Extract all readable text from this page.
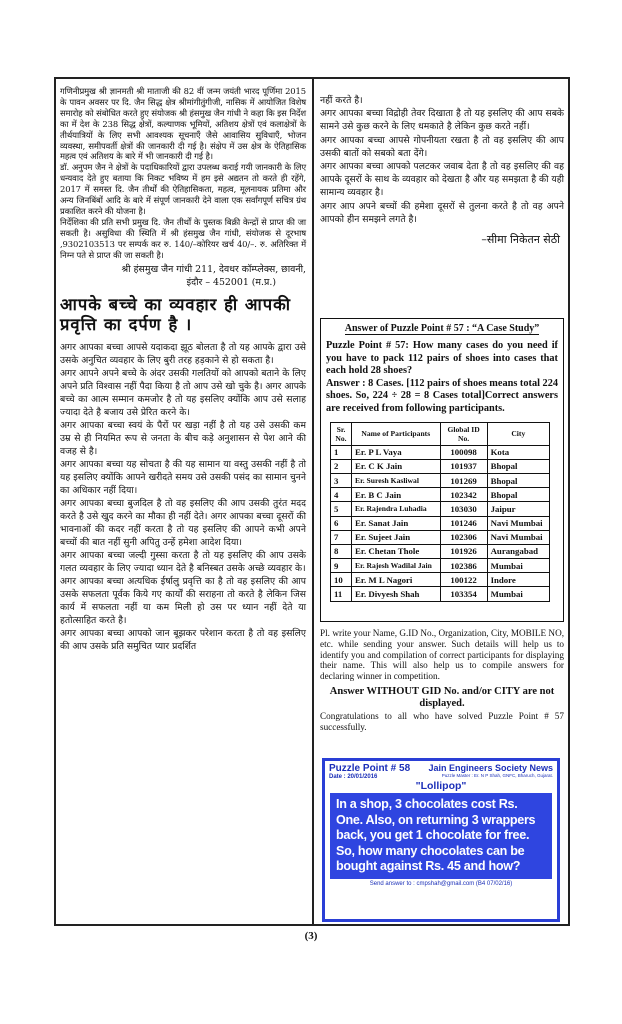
गणिनीप्रमुख श्री ज्ञानमती श्री माताजी की 82 वीं जन्म जयंती भारद पूर्णिमा 2015 के पावन अवसर पर दि. जैन सिद्ध क्षेत्र श्रीमांगीतुंगीजी, नासिक में आयोजित विशेष समारोह को संबोधित करते हुए संयोजक श्री हंसमुख जैन गांधी ने कहा कि इस निर्देश का में देश के 238 सिद्ध क्षेत्रों, कल्याणक भूमियों, अतिशय क्षेत्रों एवं कलाक्षेत्रों के तीर्थयात्रियों के लिए सभी आवश्यक सूचनाएँ जैसे आवासिय सुविधाएँ, भोजन व्यवस्था, समीपवर्ती क्षेत्रों की जानकारी दी गई है। संक्षेप में उस क्षेत्र के ऐतिहासिक महत्व एवं अतिशय के बारे में भी जानकारी दी गई है।

डॉ. अनुपम जैन ने क्षेत्रों के पदाधिकारियों द्वारा उपलब्ध कराई गयी जानकारी के लिए धन्यवाद देते हुए बताया कि निकट भविष्य में हम इसे अद्यतन तो करते ही रहेंगे, 2017 में समस्त दि. जैन तीर्थों की ऐतिहासिकता, महत्व, मूलनायक प्रतिमा और अन्य जिनबिंबों आदि के बारे में संपूर्ण जानकारी देने वाला एक सर्वांगपूर्ण सचित्र ग्रंथ प्रकाशित करने की योजना है।

निर्देशिका की प्रति सभी प्रमुख दि. जैन तीर्थों के पुस्तक बिक्री केन्द्रों से प्राप्त की जा सकती है। असुविधा की स्थिति में श्री हंसमुख जैन गांधी, संयोजक से दूरभाष ,9302103513 पर सम्पर्क कर रु. 140/–कोरियर खर्च 40/–. रु. अतिरिक्त में निम्न पते से प्राप्त की जा सकती है।

श्री हंसमुख जैन गांधी 211, देवधर कॉम्प्लेक्स, छावनी,
इंदौर – 452001 (म.प्र.)
आपके बच्चे का व्यवहार ही आपकी प्रवृत्ति का दर्पण है ।

अगर आपका बच्चा आपसे यदाकदा झूठ बोलता है तो यह आपके द्वारा उसे उसके अनुचित व्यवहार के लिए बुरी तरह हड़काने से हो सकता है।

अगर आपने अपने बच्चे के अंदर उसकी गलतियों को आपको बताने के लिए अपने प्रति विश्वास नहीं पैदा किया है तो आप उसे खो चुके है। अगर आपके बच्चे का आत्म सम्मान कमजोर है तो यह इसलिए क्योंकि आप उसे सलाह ज्यादा देते है बजाय उसे प्रेरित करने के।

अगर आपका बच्चा स्वयं के पैरों पर खड़ा नहीं है तो यह उसे उसकी कम उम्र से ही नियमित रूप से जनता के बीच कड़े अनुशासन से पेश आने की वजह से है।

अगर आपका बच्चा यह सोचता है की यह सामान या वस्तु उसकी नहीं है तो यह इसलिए क्योंकि आपने खरीदते समय उसे उसकी पसंद का सामान चुनने का अधिकार नहीं दिया।

अगर आपका बच्चा बुजदिल है तो वह इसलिए की आप उसकी तुरंत मदद करते है उसे खुद करने का मौका ही नहीं देते। अगर आपका बच्चा दूसरों की भावनाओं की कदर नहीं करता है तो यह इसलिए की आपने कभी अपने बच्चों की बात नहीं सुनी अपितु उन्हें हमेशा आदेश दिया।

अगर आपका बच्चा जल्दी गुस्सा करता है तो यह इसलिए की आप उसके गलत व्यवहार के लिए ज्यादा ध्यान देते है बनिस्बत उसके अच्छे व्यवहार के।

अगर आपका बच्चा अत्यधिक ईर्षालु प्रवृत्ति का है तो वह इसलिए की आप उसके सफलता पूर्वक किये गए कार्यों की सराहना तो करते है लेकिन जिस कार्य में सफलता नहीं या कम मिली हो उस पर ध्यान नहीं देते या हतोत्साहित करते है।

अगर आपका बच्चा आपको जान बूझकर परेशान करता है तो वह इसलिए की आप उसके प्रति समुचित प्यार प्रदर्शित

नहीं करते है।

अगर आपका बच्चा विद्रोही तेवर दिखाता है तो यह इसलिए की आप सबके सामने उसे कुछ करने के लिए धमकाते है लेकिन कुछ करते नहीं।

अगर आपका बच्चा आपसे गोपनीयता रखता है तो वह इसलिए की आप उसकी बातों को सबको बता देंगे।

अगर आपका बच्चा आपको पलटकर जवाब देता है तो वह इसलिए की वह आपके दूसरों के साथ के व्यवहार को देखता है और यह समझता है की यही सामान्य व्यवहार है।

अगर आप अपने बच्चों की हमेशा दूसरों से तुलना करते है तो वह अपने आपको हीन समझने लगते है।

–सीमा निकेतन सेठी
Answer of Puzzle Point # 57 : “A Case Study”

Puzzle Point # 57: How many cases do you need if you have to pack 112 pairs of shoes into cases that each hold 28 shoes?

Answer : 8 Cases. [112 pairs of shoes means total 224 shoes. So, 224 ÷ 28 = 8 Cases total]Correct answers are received from following participants.

Sr. No.	Name of Participants	Global ID No.	City
1	Er. P L Vaya	100098	Kota
2	Er. C K Jain	101937	Bhopal
3	Er. Suresh Kasliwal	101269	Bhopal
4	Er. B C Jain	102342	Bhopal
5	Er. Rajendra Luhadia	103030	Jaipur
6	Er. Sanat Jain	101246	Navi Mumbai
7	Er. Sujeet Jain	102306	Navi Mumbai
8	Er. Chetan Thole	101926	Aurangabad
9	Er. Rajesh Wadilal Jain	102386	Mumbai
10	Er. M L Nagori	100122	Indore
11	Er. Divyesh Shah	103354	Mumbai

Pl. write your Name, G.ID No., Organization, City, MOBILE NO, etc. while sending your answer. Such details will help us to identify you and compilation of correct participants for displaying their name. This will also help us to compile answers for declaring winner in competition.

Answer WITHOUT GID No. and/or CITY are not displayed.

Congratulations to all who have solved Puzzle Point # 57 successfully.

Puzzle Point # 58
Date : 20/01/2016
Jain Engineers Society News
Puzzle Master : Er. N P Shah, GNFC, Bharuch, Gujarat.
"Lollipop"
In a shop, 3 chocolates cost Rs. One. Also, on returning 3 wrappers back, you get 1 chocolate for free. So, how many chocolates can be bought against Rs. 45 and how?
Send answer to : cmpshah@gmail.com (B4 07/02/16)
(3)
